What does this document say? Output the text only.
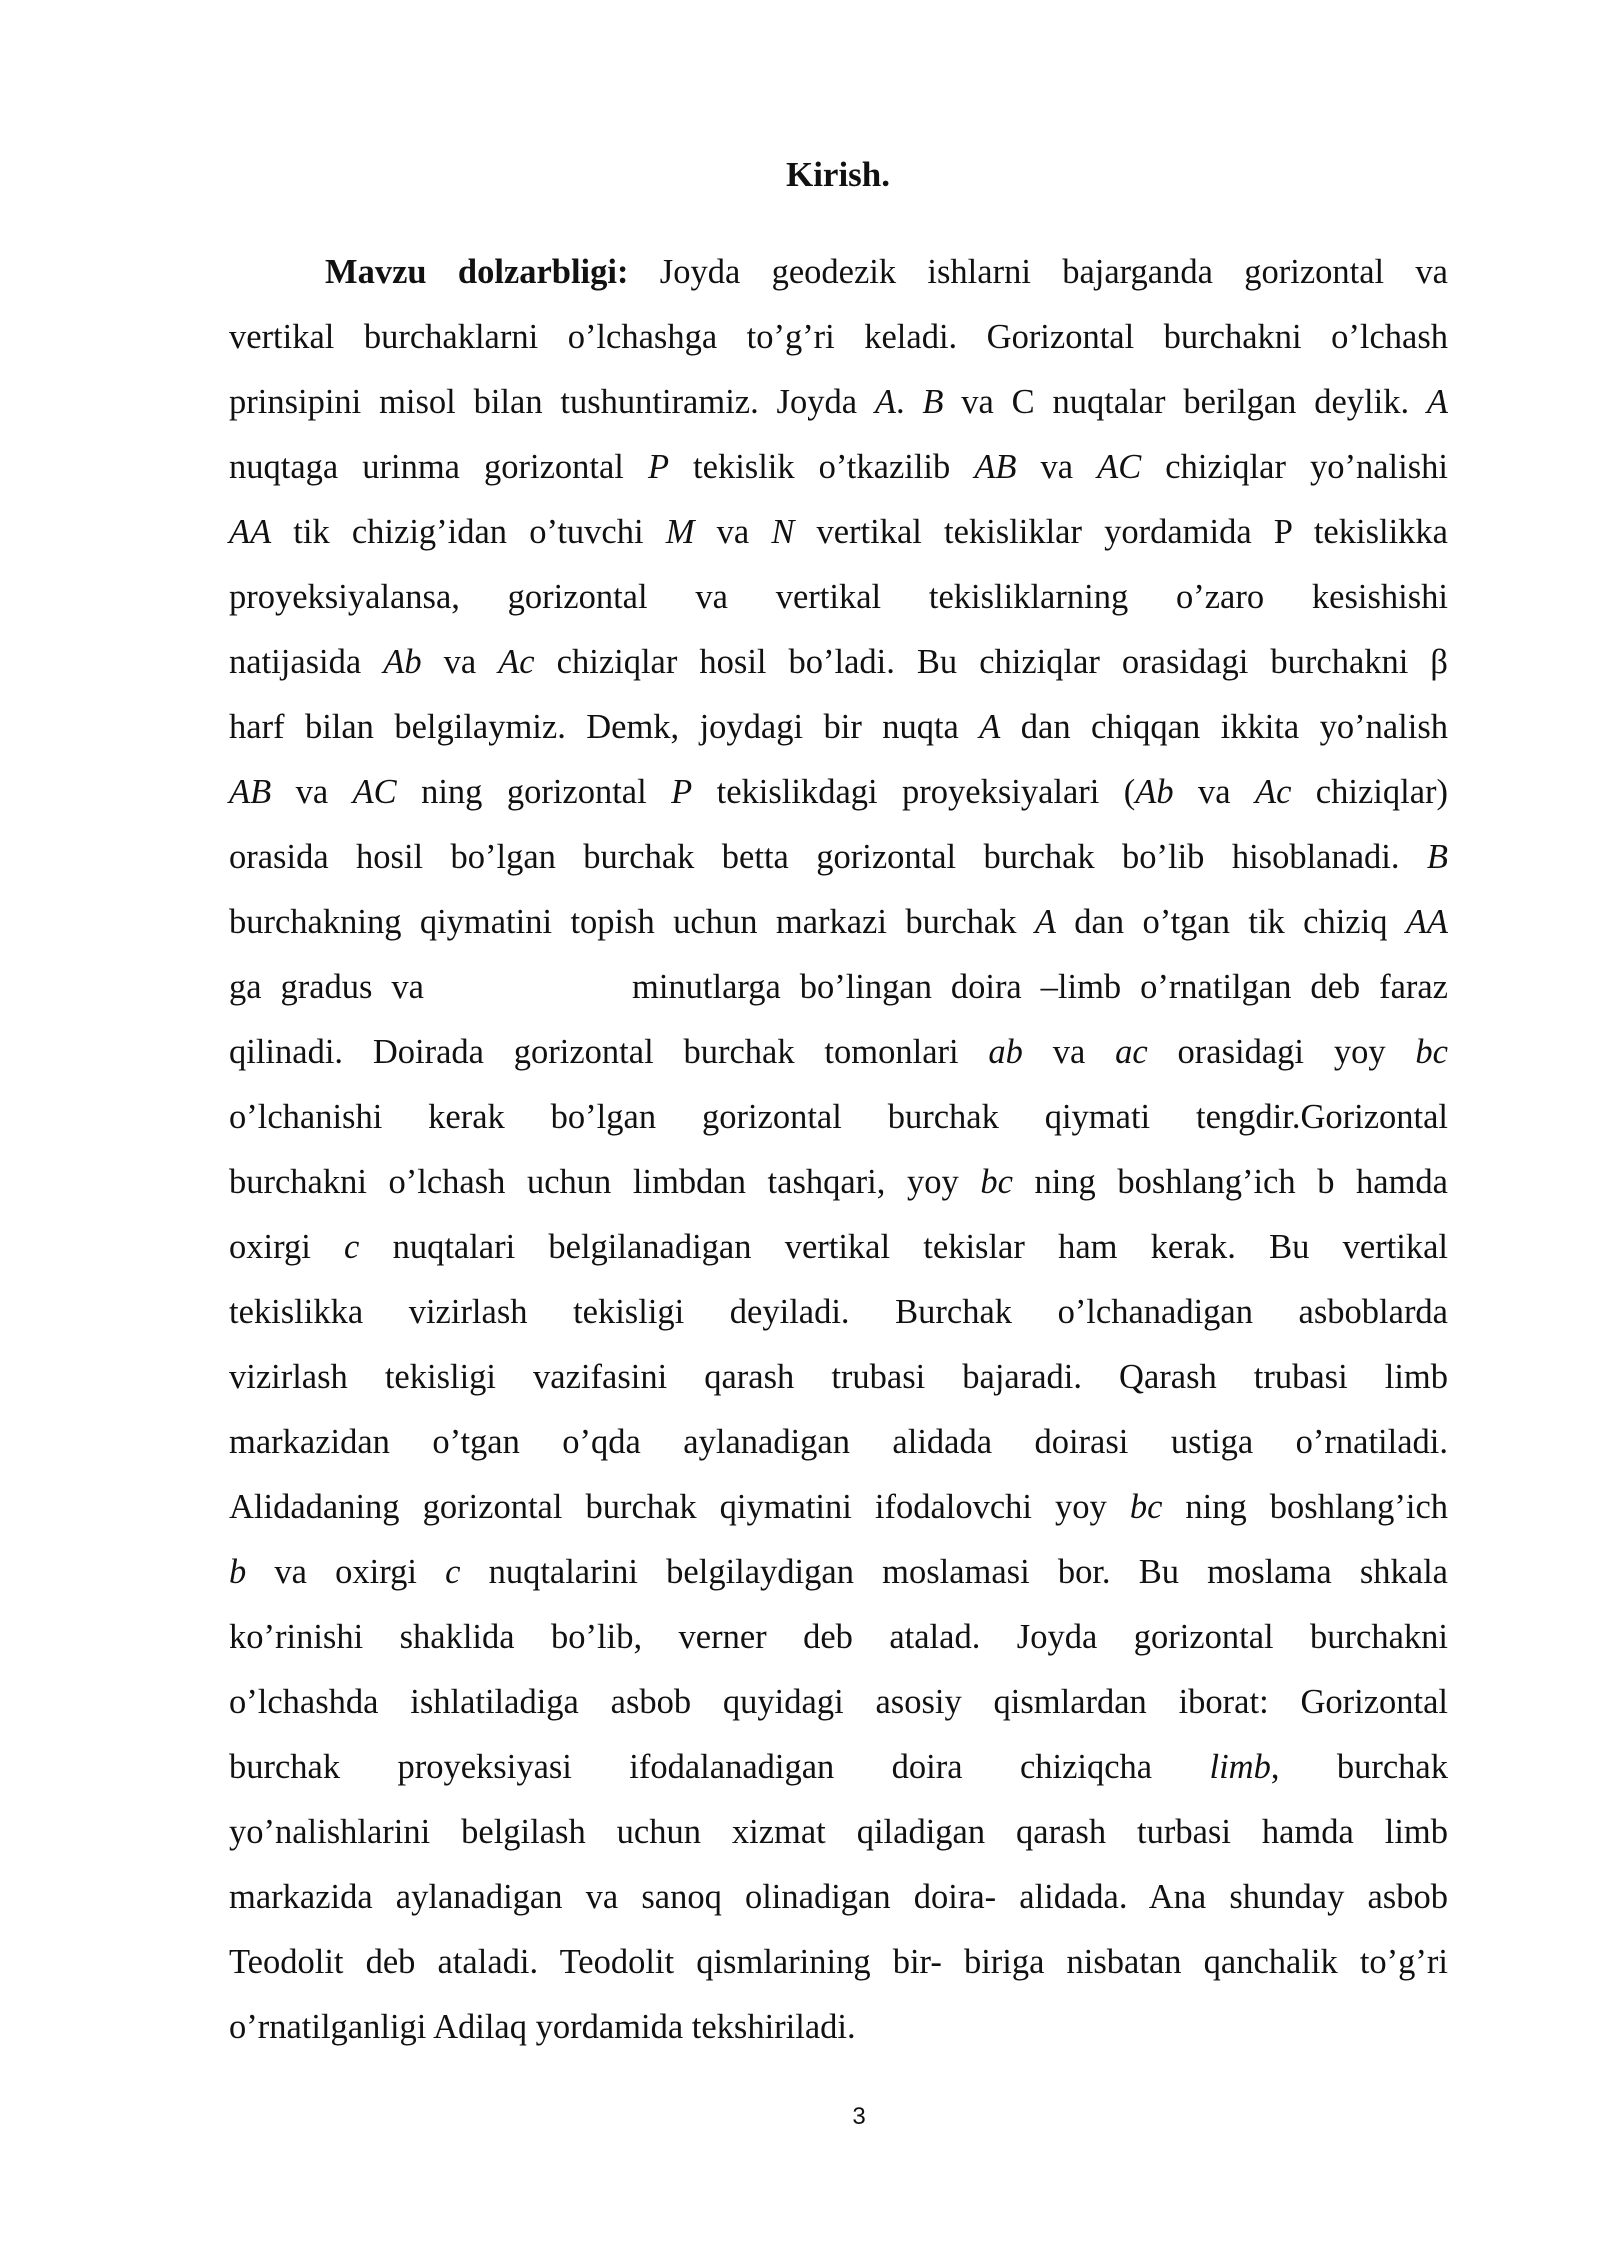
Kirish.
Mavzu dolzarbligi: Joyda geodezik ishlarni bajarganda gorizontal va
vertikal burchaklarni o’lchashga to’g’ri keladi. Gorizontal burchakni o’lchash
prinsipini misol bilan tushuntiramiz. Joyda A. B va C nuqtalar berilgan deylik. A
nuqtaga urinma gorizontal P tekislik o’tkazilib AB va AC chiziqlar yo’nalishi
AA tik chizig’idan o’tuvchi M va N vertikal tekisliklar yordamida P tekislikka
proyeksiyalansa, gorizontal va vertikal tekisliklarning o’zaro kesishishi
natijasida Ab va Ac chiziqlar hosil bo’ladi. Bu chiziqlar orasidagi burchakni β
harf bilan belgilaymiz. Demk, joydagi bir nuqta A dan chiqqan ikkita yo’nalish
AB va AC ning gorizontal P tekislikdagi proyeksiyalari (Ab va Ac chiziqlar)
orasida hosil bo’lgan burchak betta gorizontal burchak bo’lib hisoblanadi. B
burchakning qiymatini topish uchun markazi burchak A dan o’tgan tik chiziq AA
ga gradus va           minutlarga bo’lingan doira –limb o’rnatilgan deb faraz
qilinadi. Doirada gorizontal burchak tomonlari ab va ac orasidagi yoy bc
o’lchanishi kerak bo’lgan gorizontal burchak qiymati tengdir.Gorizontal
burchakni o’lchash uchun limbdan tashqari, yoy bc ning boshlang’ich b hamda
oxirgi c nuqtalari belgilanadigan vertikal tekislar ham kerak. Bu vertikal
tekislikka vizirlash tekisligi deyiladi. Burchak o’lchanadigan asboblarda
vizirlash tekisligi vazifasini qarash trubasi bajaradi. Qarash trubasi limb
markazidan o’tgan o’qda aylanadigan alidada doirasi ustiga o’rnatiladi.
Alidadaning gorizontal burchak qiymatini ifodalovchi yoy bc ning boshlang’ich
b va oxirgi c nuqtalarini belgilaydigan moslamasi bor. Bu moslama shkala
ko’rinishi shaklida bo’lib, verner deb atalad. Joyda gorizontal burchakni
o’lchashda ishlatiladiga asbob quyidagi asosiy qismlardan iborat: Gorizontal
burchak proyeksiyasi ifodalanadigan doira chiziqcha limb, burchak
yo’nalishlarini belgilash uchun xizmat qiladigan qarash turbasi hamda limb
markazida aylanadigan va sanoq olinadigan doira- alidada. Ana shunday asbob
Teodolit deb ataladi. Teodolit qismlarining bir- biriga nisbatan qanchalik to’g’ri
o’rnatilganligi Adilaq yordamida tekshiriladi.
3
